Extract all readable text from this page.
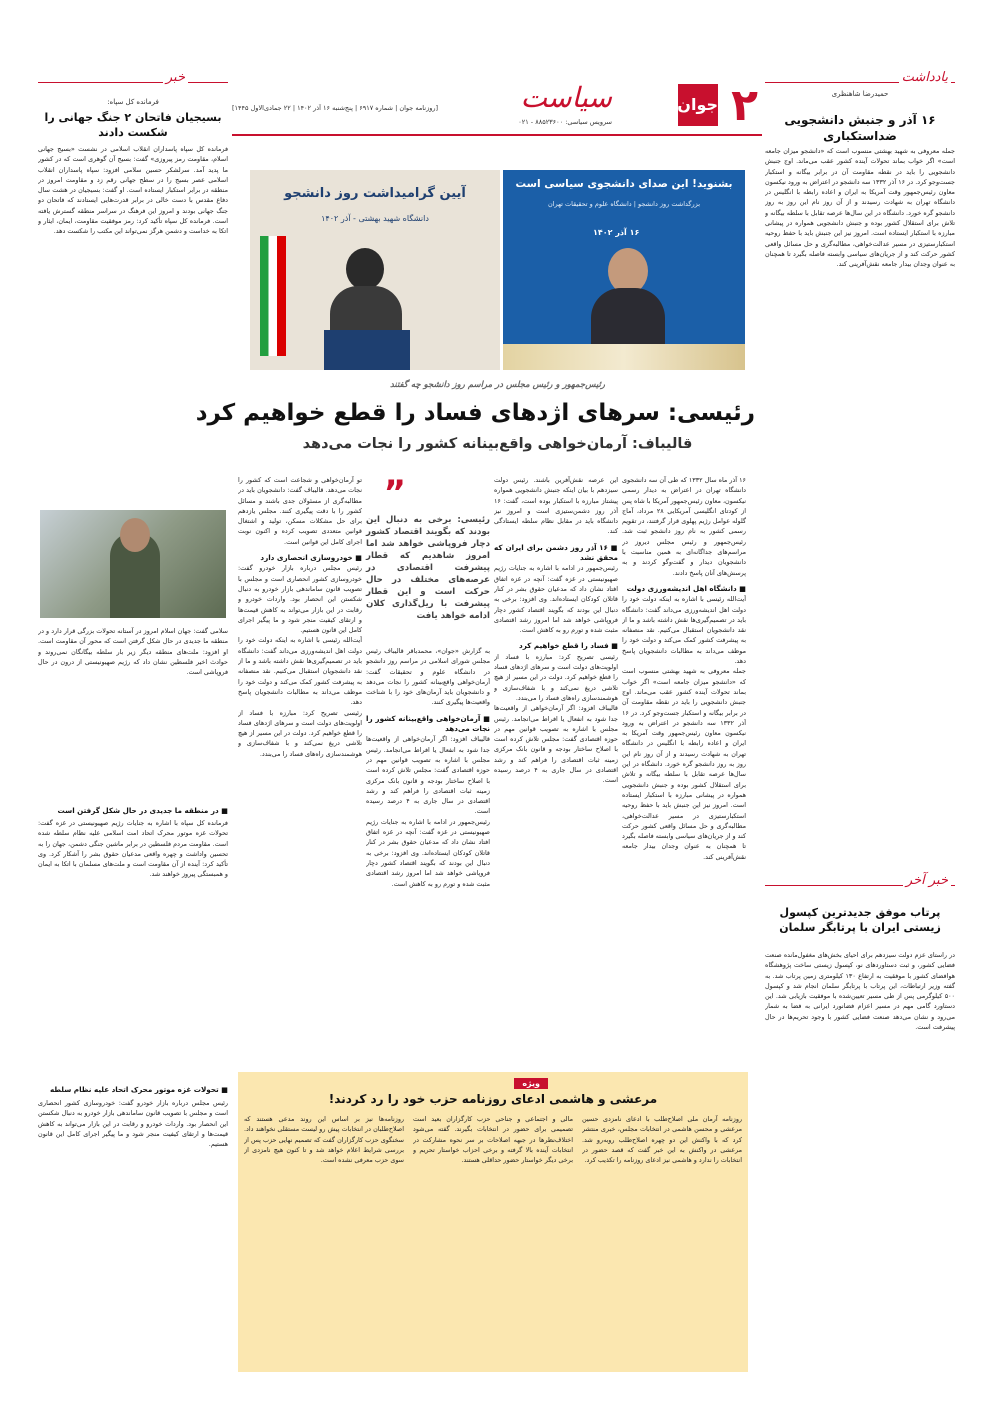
۲
جوان
سیاست
[روزنامه جوان | شماره ۶۹۱۷ | پنج‌شنبه ۱۶ آذر ۱۴۰۲ | ۲۲ جمادی‌الاول ۱۴۴۵]
سرویس سیاسی: ۸۸۵۲۳۶۰۰ - ۰۲۱
یادداشت
حمیدرضا شاهنظری
۱۶ آذر و جنبش دانشجویی ضداستکباری
جمله معروفی به شهید بهشتی منسوب است که «دانشجو میزان جامعه است» اگر خواب بماند تحولات آینده کشور عقب می‌ماند. اوج جنبش دانشجویی را باید در نقطه مقاومت آن در برابر بیگانه و استکبار جست‌وجو کرد. در ۱۶ آذر ۱۳۳۲ سه دانشجو در اعتراض به ورود نیکسون معاون رئیس‌جمهور وقت آمریکا به ایران و اعاده رابطه با انگلیس در دانشگاه تهران به شهادت رسیدند و از آن روز نام این روز به روز دانشجو گره خورد. دانشگاه در این سال‌ها عرصه تقابل با سلطه بیگانه و تلاش برای استقلال کشور بوده و جنبش دانشجویی همواره در پیشانی مبارزه با استکبار ایستاده است. امروز نیز این جنبش باید با حفظ روحیه استکبارستیزی در مسیر عدالت‌خواهی، مطالبه‌گری و حل مسائل واقعی کشور حرکت کند و از جریان‌های سیاسی وابسته فاصله بگیرد تا همچنان به عنوان وجدان بیدار جامعه نقش‌آفرینی کند.
خبر آخر
پرتاب موفق جدیدترین کپسول زیستی ایران با پرتابگر سلمان
در راستای عزم دولت سیزدهم برای احیای بخش‌های مغفول‌مانده صنعت فضایی کشور، و ثبت دستاوردهای نو، کپسول زیستی ساخت پژوهشگاه هوافضای کشور با موفقیت به ارتفاع ۱۳۰ کیلومتری زمین پرتاب شد. به گفته وزیر ارتباطات، این پرتاب با پرتابگر سلمان انجام شد و کپسول ۵۰۰ کیلوگرمی پس از طی مسیر تعیین‌شده با موفقیت بازیابی شد. این دستاورد گامی مهم در مسیر اعزام فضانورد ایرانی به فضا به شمار می‌رود و نشان می‌دهد صنعت فضایی کشور با وجود تحریم‌ها در حال پیشرفت است.
خبر
فرمانده کل سپاه:
بسیجیان فاتحان ۲ جنگ جهانی را شکست دادند
فرمانده کل سپاه پاسداران انقلاب اسلامی در نشست «بسیج جهانی اسلام، مقاومت رمز پیروزی» گفت: بسیج آن گوهری است که در کشور ما پدید آمد. سرلشکر حسین سلامی افزود: سپاه پاسداران انقلاب اسلامی عصر بسیج را در سطح جهانی رقم زد و مقاومت امروز در منطقه در برابر استکبار ایستاده است. او گفت: بسیجیان در هشت سال دفاع مقدس با دست خالی در برابر قدرت‌هایی ایستادند که فاتحان دو جنگ جهانی بودند و امروز این فرهنگ در سراسر منطقه گسترش یافته است. فرمانده کل سپاه تأکید کرد: رمز موفقیت مقاومت، ایمان، ایثار و اتکا به خداست و دشمن هرگز نمی‌تواند این مکتب را شکست دهد.
سلامی گفت: جهان اسلام امروز در آستانه تحولات بزرگی قرار دارد و در منطقه ما جدیدی در حال شکل گرفتن است که محور آن مقاومت است. او افزود: ملت‌های منطقه دیگر زیر بار سلطه بیگانگان نمی‌روند و حوادث اخیر فلسطین نشان داد که رژیم صهیونیستی از درون در حال فروپاشی است.
■ در منطقه ما جدیدی در حال شکل گرفتن است
فرمانده کل سپاه با اشاره به جنایات رژیم صهیونیستی در غزه گفت: تحولات غزه موتور محرک اتحاد امت اسلامی علیه نظام سلطه شده است. مقاومت مردم فلسطین در برابر ماشین جنگی دشمن، جهان را به تحسین واداشت و چهره واقعی مدعیان حقوق بشر را آشکار کرد. وی تأکید کرد: آینده از آن مقاومت است و ملت‌های مسلمان با اتکا به ایمان و همبستگی پیروز خواهند شد.
■ تحولات غزه موتور محرک اتحاد علیه نظام سلطه
رئیس مجلس درباره بازار خودرو گفت: خودروسازی کشور انحصاری است و مجلس با تصویب قانون ساماندهی بازار خودرو به دنبال شکستن این انحصار بود. واردات خودرو و رقابت در این بازار می‌تواند به کاهش قیمت‌ها و ارتقای کیفیت منجر شود و ما پیگیر اجرای کامل این قانون هستیم.
بشنوید! این صدای دانشجوی سیاسی است
بزرگداشت روز دانشجو | دانشگاه علوم و تحقیقات تهران
۱۶ آذر ۱۴۰۲
آیین گرامیداشت روز دانشجو
دانشگاه شهید بهشتی - آذر ۱۴۰۲
رئیس‌جمهور و رئیس مجلس در مراسم روز دانشجو چه گفتند
رئیسی: سرهای اژدهای فساد را قطع خواهیم کرد
قالیباف: آرمان‌خواهی واقع‌بینانه کشور را نجات می‌دهد
۱۶ آذر ماه سال ۱۳۳۲ که طی آن سه دانشجوی دانشگاه تهران در اعتراض به دیدار رسمی نیکسون، معاون رئیس‌جمهور آمریکا با شاه پس از کودتای انگلیسی آمریکایی ۲۸ مرداد، آماج گلوله عوامل رژیم پهلوی قرار گرفتند، در تقویم رسمی کشور به نام روز دانشجو ثبت شد. رئیس‌جمهور و رئیس مجلس دیروز در مراسم‌های جداگانه‌ای به همین مناسبت با دانشجویان دیدار و گفت‌وگو کردند و به پرسش‌های آنان پاسخ دادند.
■ دانشگاه اهل اندیشه‌ورزی دولت
آیت‌الله رئیسی با اشاره به اینکه دولت خود را دولت اهل اندیشه‌ورزی می‌داند گفت: دانشگاه باید در تصمیم‌گیری‌ها نقش داشته باشد و ما از نقد دانشجویان استقبال می‌کنیم. نقد منصفانه به پیشرفت کشور کمک می‌کند و دولت خود را موظف می‌داند به مطالبات دانشجویان پاسخ دهد.
جمله معروفی به شهید بهشتی منسوب است که «دانشجو میزان جامعه است» اگر خواب بماند تحولات آینده کشور عقب می‌ماند. اوج جنبش دانشجویی را باید در نقطه مقاومت آن در برابر بیگانه و استکبار جست‌وجو کرد. در ۱۶ آذر ۱۳۳۲ سه دانشجو در اعتراض به ورود نیکسون معاون رئیس‌جمهور وقت آمریکا به ایران و اعاده رابطه با انگلیس در دانشگاه تهران به شهادت رسیدند و از آن روز نام این روز به روز دانشجو گره خورد. دانشگاه در این سال‌ها عرصه تقابل با سلطه بیگانه و تلاش برای استقلال کشور بوده و جنبش دانشجویی همواره در پیشانی مبارزه با استکبار ایستاده است. امروز نیز این جنبش باید با حفظ روحیه استکبارستیزی در مسیر عدالت‌خواهی، مطالبه‌گری و حل مسائل واقعی کشور حرکت کند و از جریان‌های سیاسی وابسته فاصله بگیرد تا همچنان به عنوان وجدان بیدار جامعه نقش‌آفرینی کند.
این عرصه نقش‌آفرین باشند. رئیس دولت سیزدهم با بیان اینکه جنبش دانشجویی همواره پیشتاز مبارزه با استکبار بوده است، گفت: ۱۶ آذر روز دشمن‌ستیزی است و امروز نیز دانشگاه باید در مقابل نظام سلطه ایستادگی کند.
■ ۱۶ آذر روز دشمن برای ایران که محقق نشد
رئیس‌جمهور در ادامه با اشاره به جنایات رژیم صهیونیستی در غزه گفت: آنچه در غزه اتفاق افتاد نشان داد که مدعیان حقوق بشر در کنار قاتلان کودکان ایستاده‌اند. وی افزود: برخی به دنبال این بودند که بگویند اقتصاد کشور دچار فروپاشی خواهد شد اما امروز رشد اقتصادی مثبت شده و تورم رو به کاهش است.
■ فساد را قطع خواهیم کرد
رئیسی تصریح کرد: مبارزه با فساد از اولویت‌های دولت است و سرهای اژدهای فساد را قطع خواهیم کرد. دولت در این مسیر از هیچ تلاشی دریغ نمی‌کند و با شفاف‌سازی و هوشمندسازی راه‌های فساد را می‌بندد.
قالیباف افزود: اگر آرمان‌خواهی از واقعیت‌ها جدا شود به انفعال یا افراط می‌انجامد. رئیس مجلس با اشاره به تصویب قوانین مهم در حوزه اقتصادی گفت: مجلس تلاش کرده است با اصلاح ساختار بودجه و قانون بانک مرکزی زمینه ثبات اقتصادی را فراهم کند و رشد اقتصادی در سال جاری به ۴ درصد رسیده است.
”
رئیسی: برخی به دنبال این بودند که بگویند اقتصاد کشور دچار فروپاشی خواهد شد اما امروز شاهدیم که قطار پیشرفت اقتصادی در عرصه‌های مختلف در حال حرکت است و این قطار پیشرفت با ریل‌گذاری کلان ادامه خواهد یافت
به گزارش «جوان»، محمدباقر قالیباف رئیس مجلس شورای اسلامی در مراسم روز دانشجو در دانشگاه علوم و تحقیقات گفت: آرمان‌خواهی واقع‌بینانه کشور را نجات می‌دهد و دانشجویان باید آرمان‌های خود را با شناخت واقعیت‌ها پیگیری کنند.
■ آرمان‌خواهی واقع‌بینانه کشور را نجات می‌دهد
قالیباف افزود: اگر آرمان‌خواهی از واقعیت‌ها جدا شود به انفعال یا افراط می‌انجامد. رئیس مجلس با اشاره به تصویب قوانین مهم در حوزه اقتصادی گفت: مجلس تلاش کرده است با اصلاح ساختار بودجه و قانون بانک مرکزی زمینه ثبات اقتصادی را فراهم کند و رشد اقتصادی در سال جاری به ۴ درصد رسیده است.
رئیس‌جمهور در ادامه با اشاره به جنایات رژیم صهیونیستی در غزه گفت: آنچه در غزه اتفاق افتاد نشان داد که مدعیان حقوق بشر در کنار قاتلان کودکان ایستاده‌اند. وی افزود: برخی به دنبال این بودند که بگویند اقتصاد کشور دچار فروپاشی خواهد شد اما امروز رشد اقتصادی مثبت شده و تورم رو به کاهش است.
تو آرمان‌خواهی و شجاعت است که کشور را نجات می‌دهد. قالیباف گفت: دانشجویان باید در مطالبه‌گری از مسئولان جدی باشند و مسائل کشور را با دقت پیگیری کنند. مجلس یازدهم برای حل مشکلات مسکن، تولید و اشتغال قوانین متعددی تصویب کرده و اکنون نوبت اجرای کامل این قوانین است.
■ خودروسازی انحصاری دارد
رئیس مجلس درباره بازار خودرو گفت: خودروسازی کشور انحصاری است و مجلس با تصویب قانون ساماندهی بازار خودرو به دنبال شکستن این انحصار بود. واردات خودرو و رقابت در این بازار می‌تواند به کاهش قیمت‌ها و ارتقای کیفیت منجر شود و ما پیگیر اجرای کامل این قانون هستیم.
آیت‌الله رئیسی با اشاره به اینکه دولت خود را دولت اهل اندیشه‌ورزی می‌داند گفت: دانشگاه باید در تصمیم‌گیری‌ها نقش داشته باشد و ما از نقد دانشجویان استقبال می‌کنیم. نقد منصفانه به پیشرفت کشور کمک می‌کند و دولت خود را موظف می‌داند به مطالبات دانشجویان پاسخ دهد.
رئیسی تصریح کرد: مبارزه با فساد از اولویت‌های دولت است و سرهای اژدهای فساد را قطع خواهیم کرد. دولت در این مسیر از هیچ تلاشی دریغ نمی‌کند و با شفاف‌سازی و هوشمندسازی راه‌های فساد را می‌بندد.
ویژه
مرعشی و هاشمی ادعای روزنامه حزب خود را رد کردند!
روزنامه آرمان ملی اصلاح‌طلب با ادعای نامزدی حسین مرعشی و محسن هاشمی در انتخابات مجلس، خبری منتشر کرد که با واکنش این دو چهره اصلاح‌طلب روبه‌رو شد. مرعشی در واکنش به این خبر گفت که قصد حضور در انتخابات را ندارد و هاشمی نیز ادعای روزنامه را تکذیب کرد.
مالی و اجتماعی و جناحی حزب کارگزاران بعید است تصمیمی برای حضور در انتخابات بگیرند. گفته می‌شود اختلاف‌نظرها در جبهه اصلاحات بر سر نحوه مشارکت در انتخابات آینده بالا گرفته و برخی احزاب خواستار تحریم و برخی دیگر خواستار حضور حداقلی هستند.
روزنامه‌ها نیز بر اساس این روند مدعی هستند که اصلاح‌طلبان در انتخابات پیش رو لیست مستقلی نخواهند داد. سخنگوی حزب کارگزاران گفت که تصمیم نهایی حزب پس از بررسی شرایط اعلام خواهد شد و تا کنون هیچ نامزدی از سوی حزب معرفی نشده است.
